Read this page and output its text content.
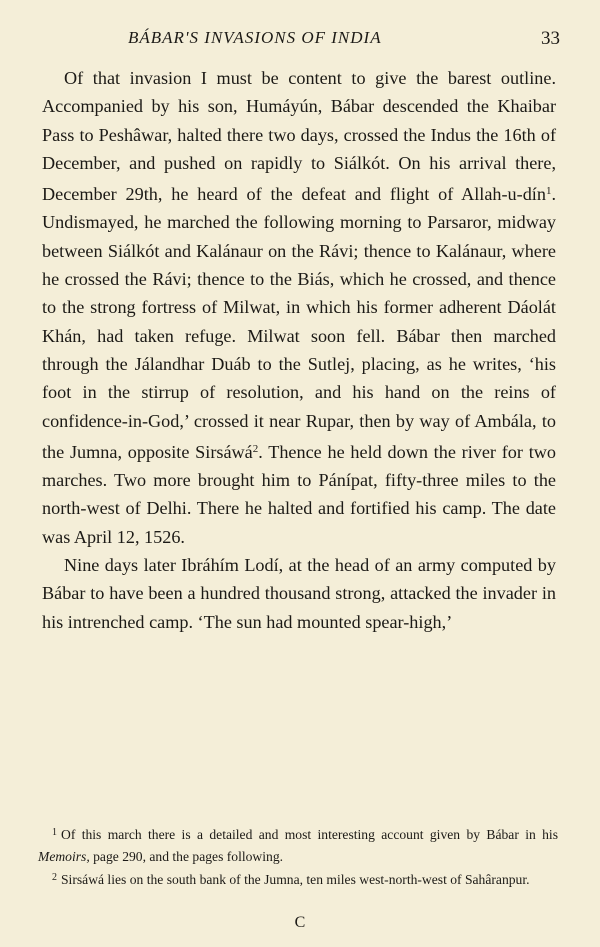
BÁBAR'S INVASIONS OF INDIA	33

Of that invasion I must be content to give the barest outline. Accompanied by his son, Humáyún, Bábar descended the Khaibar Pass to Peshâwar, halted there two days, crossed the Indus the 16th of December, and pushed on rapidly to Siálkót. On his arrival there, December 29th, he heard of the defeat and flight of Allah-u-dín$^1$. Undismayed, he marched the following morning to Parsaror, midway between Siálkót and Kalánaur on the Rávi; thence to Kalánaur, where he crossed the Rávi; thence to the Biás, which he crossed, and thence to the strong fortress of Milwat, in which his former adherent Dáolát Khán, had taken refuge. Milwat soon fell. Bábar then marched through the Jálandhar Duáb to the Sutlej, placing, as he writes, ‘his foot in the stirrup of resolution, and his hand on the reins of confidence-in-God,’ crossed it near Rupar, then by way of Ambála, to the Jumna, opposite Sirsáwá$^2$. Thence he held down the river for two marches. Two more brought him to Pánípat, fifty-three miles to the north-west of Delhi. There he halted and fortified his camp. The date was April 12, 1526.

Nine days later Ibráhím Lodí, at the head of an army computed by Bábar to have been a hundred thousand strong, attacked the invader in his intrenched camp. ‘The sun had mounted spear-high,’

$^1$ Of this march there is a detailed and most interesting account given by Bábar in his Memoirs, page 290, and the pages following.

$^2$ Sirsáwá lies on the south bank of the Jumna, ten miles west-north-west of Sahâranpur.

C
